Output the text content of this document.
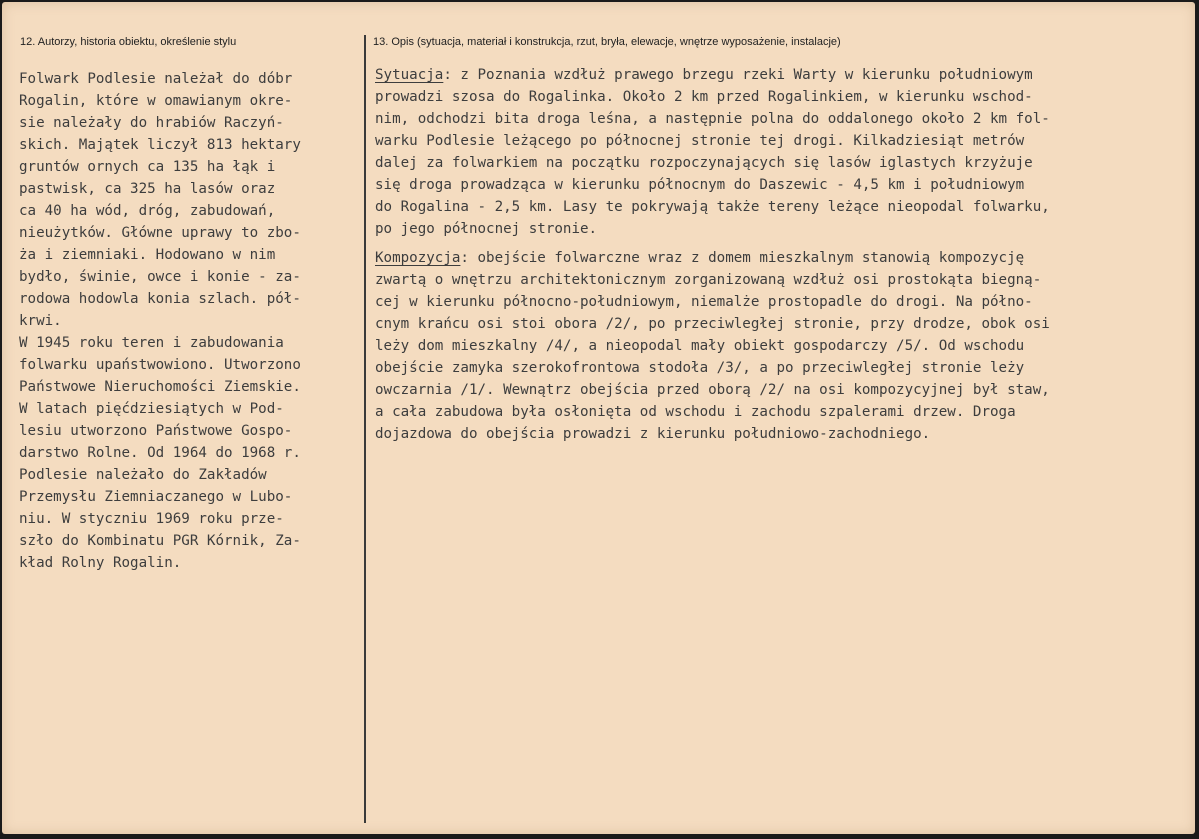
12. Autorzy, historia obiektu, określenie stylu	13. Opis (sytuacja, materiał i konstrukcja, rzut, bryła, elewacje, wnętrze wyposażenie, instalacje)
Folwark Podlesie należał do dóbr
Rogalin, które w omawianym okre-
sie należały do hrabiów Raczyń-
skich. Majątek liczył 813 hektary
gruntów ornych ca 135 ha łąk i
pastwisk, ca 325 ha lasów oraz
ca 40 ha wód, dróg, zabudowań,
nieużytków. Główne uprawy to zbo-
ża i ziemniaki. Hodowano w nim
bydło, świnie, owce i konie - za-
rodowa hodowla konia szlach. pół-
krwi.
W 1945 roku teren i zabudowania
folwarku upaństwowiono. Utworzono
Państwowe Nieruchomości Ziemskie.
W latach pięćdziesiątych w Pod-
lesiu utworzono Państwowe Gospo-
darstwo Rolne. Od 1964 do 1968 r.
Podlesie należało do Zakładów
Przemysłu Ziemniaczanego w Lubo-
niu. W styczniu 1969 roku prze-
szło do Kombinatu PGR Kórnik, Za-
kład Rolny Rogalin.
Sytuacja: z Poznania wzdłuż prawego brzegu rzeki Warty w kierunku południowym
prowadzi szosa do Rogalinka. Około 2 km przed Rogalinkiem, w kierunku wschod-
nim, odchodzi bita droga leśna, a następnie polna do oddalonego około 2 km fol-
warku Podlesie leżącego po północnej stronie tej drogi. Kilkadziesiąt metrów
dalej za folwarkiem na początku rozpoczynających się lasów iglastych krzyżuje
się droga prowadząca w kierunku północnym do Daszewic - 4,5 km i południowym
do Rogalina - 2,5 km. Lasy te pokrywają także tereny leżące nieopodal folwarku,
po jego północnej stronie.
Kompozycja: obejście folwarczne wraz z domem mieszkalnym stanowią kompozycję
zwartą o wnętrzu architektonicznym zorganizowaną wzdłuż osi prostokąta biegną-
cej w kierunku północno-południowym, niemalże prostopadle do drogi. Na półno-
cnym krańcu osi stoi obora /2/, po przeciwległej stronie, przy drodze, obok osi
leży dom mieszkalny /4/, a nieopodal mały obiekt gospodarczy /5/. Od wschodu
obejście zamyka szerokofrontowa stodoła /3/, a po przeciwległej stronie leży
owczarnia /1/. Wewnątrz obejścia przed oborą /2/ na osi kompozycyjnej był staw,
a cała zabudowa była osłonięta od wschodu i zachodu szpalerami drzew. Droga
dojazdowa do obejścia prowadzi z kierunku południowo-zachodniego.
